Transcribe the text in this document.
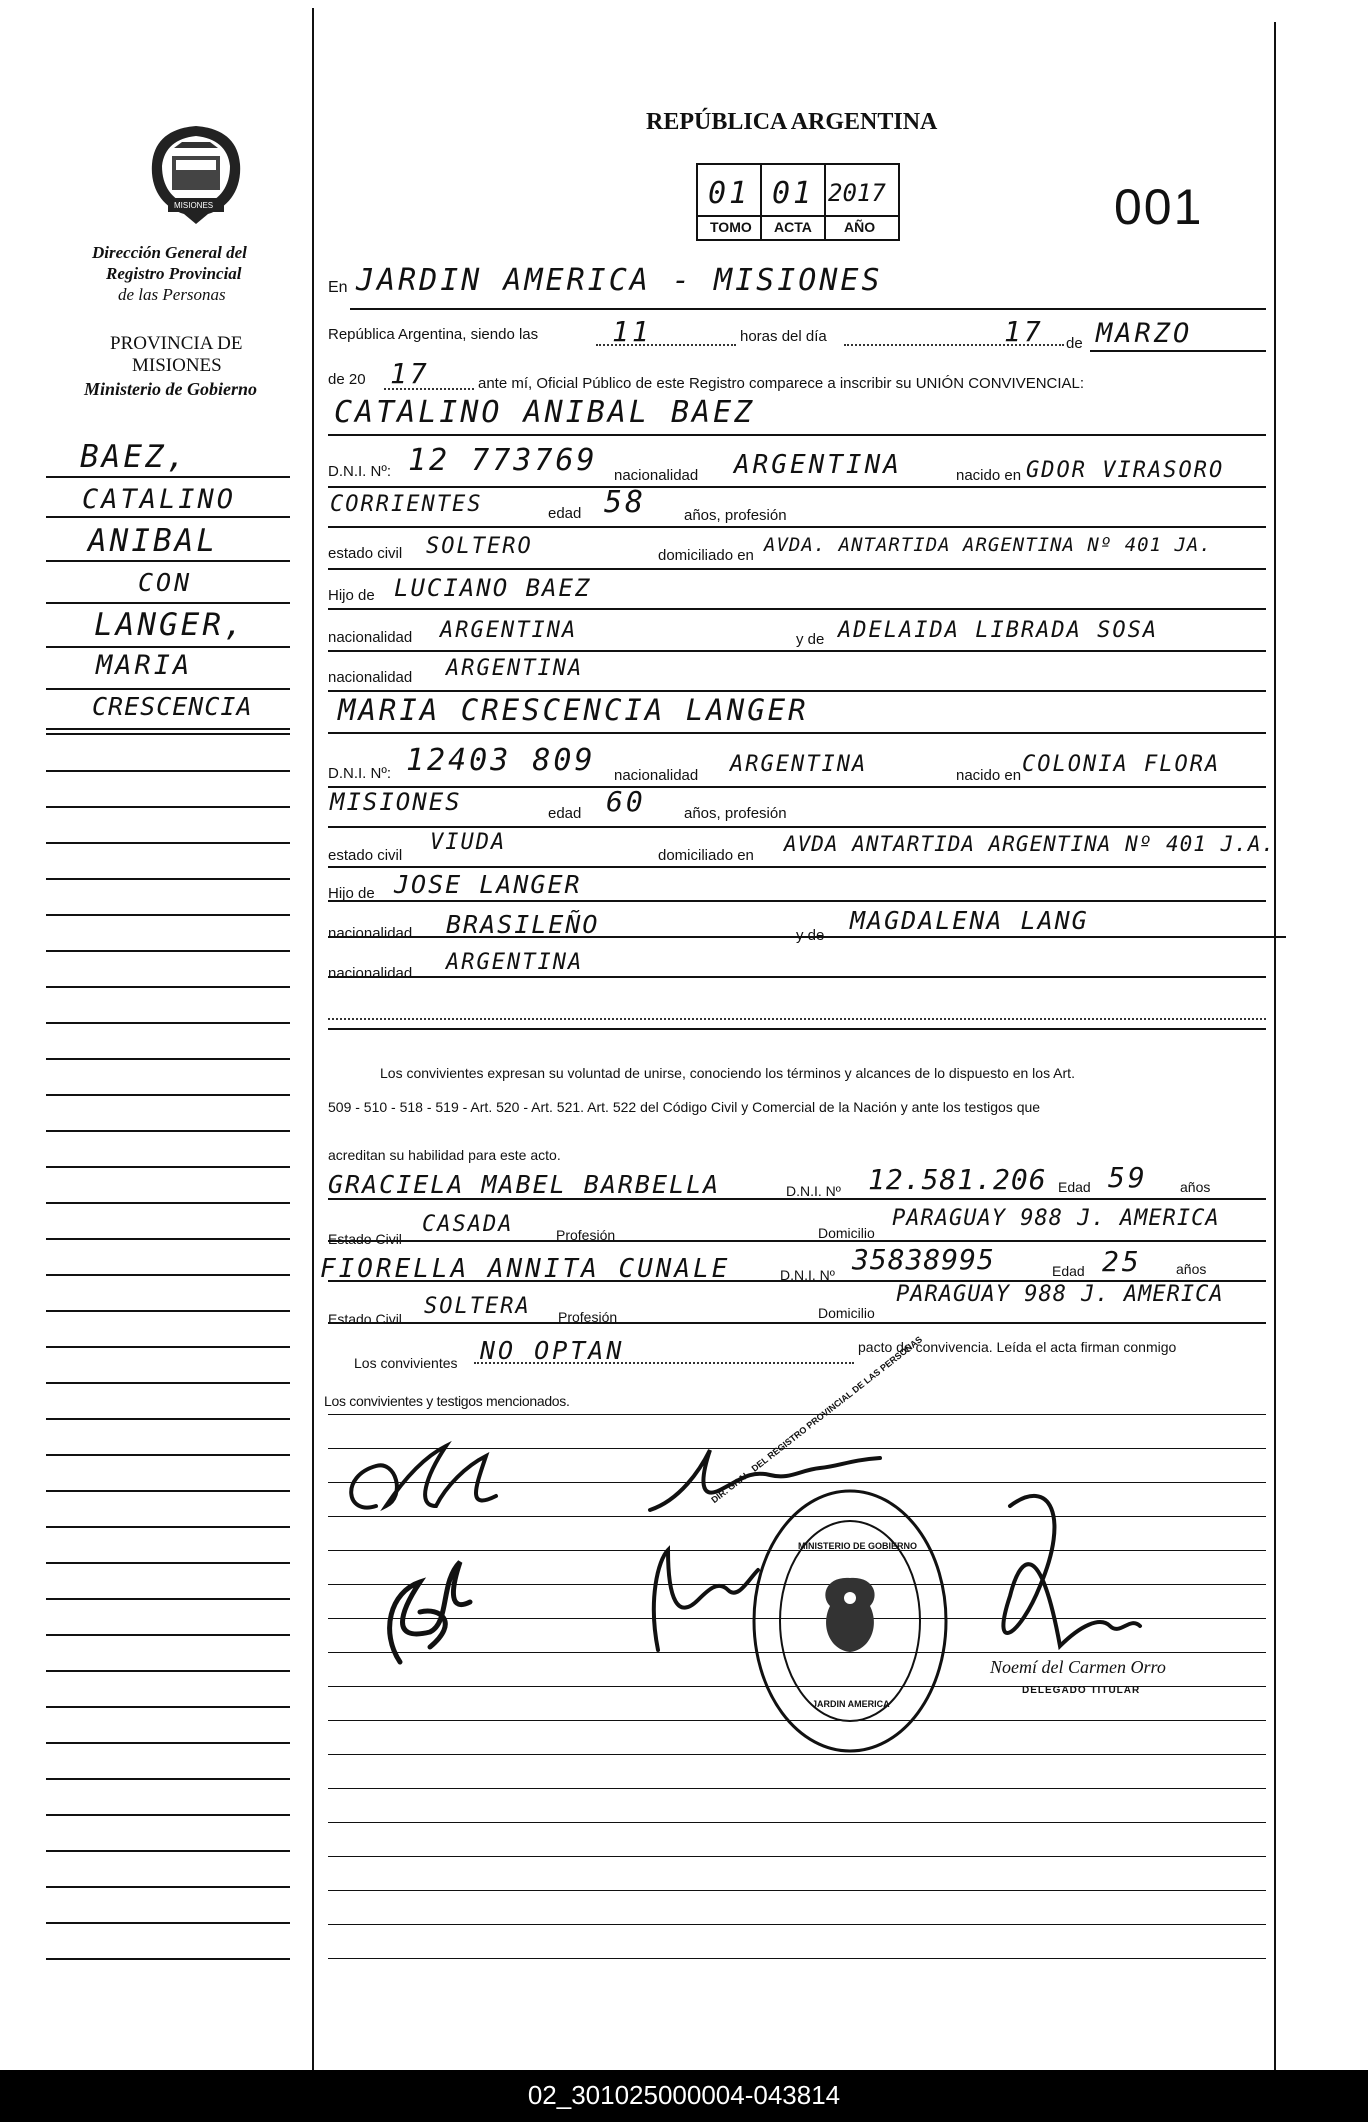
REPÚBLICA ARGENTINA
01 01 2017
TOMO ACTA AÑO	001
MISIONES
Dirección General del
Registro Provincial
de las Personas
PROVINCIA DE
MISIONES
Ministerio de Gobierno
BAEZ,
CATALINO
ANIBAL
CON
LANGER,
MARIA
CRESCENCIA
En JARDIN AMERICA - MISIONES
República Argentina, siendo las	11	horas del día	17 de MARZO
de 20 17	ante mí, Oficial Público de este Registro comparece a inscribir su UNIÓN CONVIVENCIAL:
CATALINO ANIBAL BAEZ
D.N.I. Nº: 12 773769 nacionalidad ARGENTINA	nacido en GDOR VIRASORO
CORRIENTES	edad 58	años, profesión
estado civil SOLTERO	domiciliado en AVDA. ANTARTIDA ARGENTINA Nº 401 JA.
Hijo de LUCIANO BAEZ
nacionalidad ARGENTINA	y de ADELAIDA LIBRADA SOSA
nacionalidad ARGENTINA
MARIA CRESCENCIA LANGER
D.N.I. Nº: 12403 809 nacionalidad ARGENTINA	nacido en COLONIA FLORA
MISIONES	edad 60	años, profesión
estado civil
VIUDA
domiciliado en AVDA ANTARTIDA ARGENTINA Nº 401 J.A.
Hijo de JOSE LANGER
nacionalidad BRASILEÑO	y de
MAGDALENA LANG
nacionalidad ARGENTINA
Los convivientes expresan su voluntad de unirse, conociendo los términos y alcances de lo dispuesto en los Art.
509 - 510 - 518 - 519 - Art. 520 - Art. 521. Art. 522 del Código Civil y Comercial de la Nación y ante los testigos que
acreditan su habilidad para este acto.
GRACIELA MABEL BARBELLA	D.N.I. Nº 12.581.206 Edad 59 años
Estado Civil
CASADA	Profesión	Domicilio
PARAGUAY 988 J. AMERICA
FIORELLA ANNITA CUNALE	D.N.I. Nº 35838995	Edad 25 años
Estado Civil SOLTERA Profesión	Domicilio
PARAGUAY 988 J. AMERICA
Los convivientes NO OPTAN	pacto de convivencia. Leída el acta firman conmigo
Los convivientes y testigos mencionados.	DIR. GRAL. DEL REGISTRO PROVINCIAL DE LAS PERSONAS
MINISTERIO DE GOBIERNO
JARDIN AMERICA
Noemí del Carmen Orro
DELEGADO TITULAR
02_301025000004-043814
